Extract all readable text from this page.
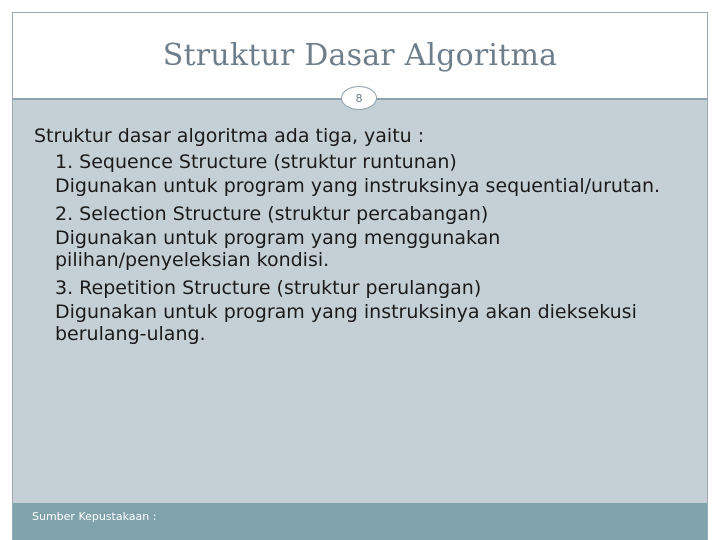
Struktur Dasar Algoritma
8
Struktur dasar algoritma ada tiga, yaitu :
1. Sequence Structure (struktur runtunan)
Digunakan untuk program yang instruksinya sequential/urutan.
2. Selection Structure (struktur percabangan)
Digunakan untuk program yang menggunakan pilihan/penyeleksian kondisi.
3. Repetition Structure (struktur perulangan)
Digunakan untuk program yang instruksinya akan dieksekusi berulang-ulang.
Sumber Kepustakaan :
